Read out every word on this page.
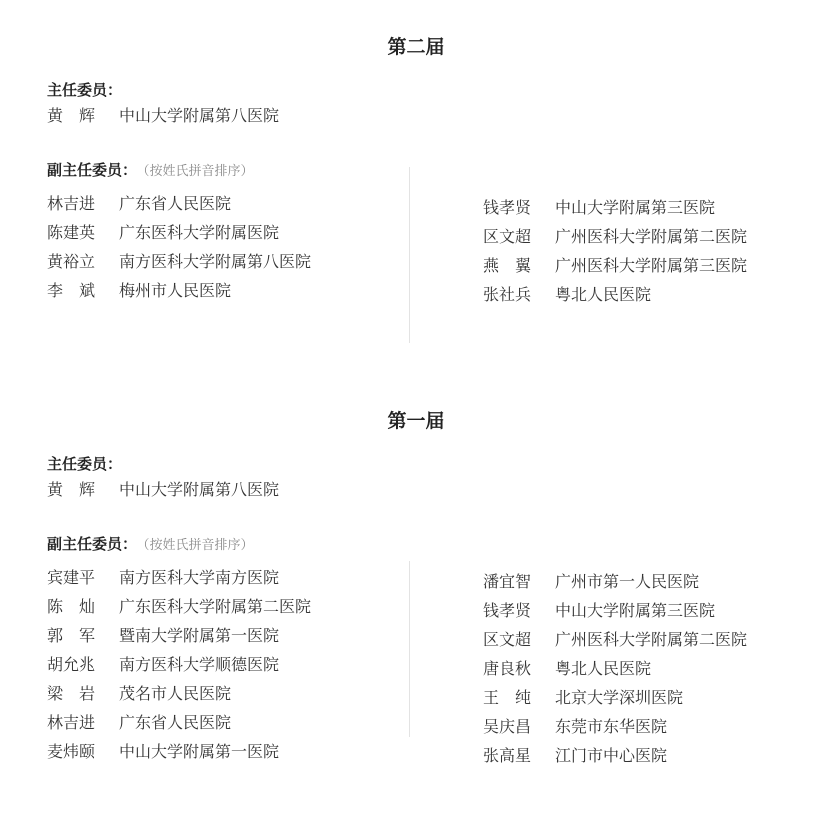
第二届
主任委员：
黄　辉 中山大学附属第八医院
副主任委员： （按姓氏拼音排序）
林吉进 广东省人民医院
陈建英 广东医科大学附属医院
黄裕立 南方医科大学附属第八医院
李　斌 梅州市人民医院
钱孝贤 中山大学附属第三医院
区文超 广州医科大学附属第二医院
燕　翼 广州医科大学附属第三医院
张社兵 粤北人民医院
第一届
主任委员：
黄　辉 中山大学附属第八医院
副主任委员： （按姓氏拼音排序）
宾建平 南方医科大学南方医院
陈　灿 广东医科大学附属第二医院
郭　军 暨南大学附属第一医院
胡允兆 南方医科大学顺德医院
梁　岩 茂名市人民医院
林吉进 广东省人民医院
麦炜颐 中山大学附属第一医院
潘宜智 广州市第一人民医院
钱孝贤 中山大学附属第三医院
区文超 广州医科大学附属第二医院
唐良秋 粤北人民医院
王　纯 北京大学深圳医院
吴庆昌 东莞市东华医院
张高星 江门市中心医院
